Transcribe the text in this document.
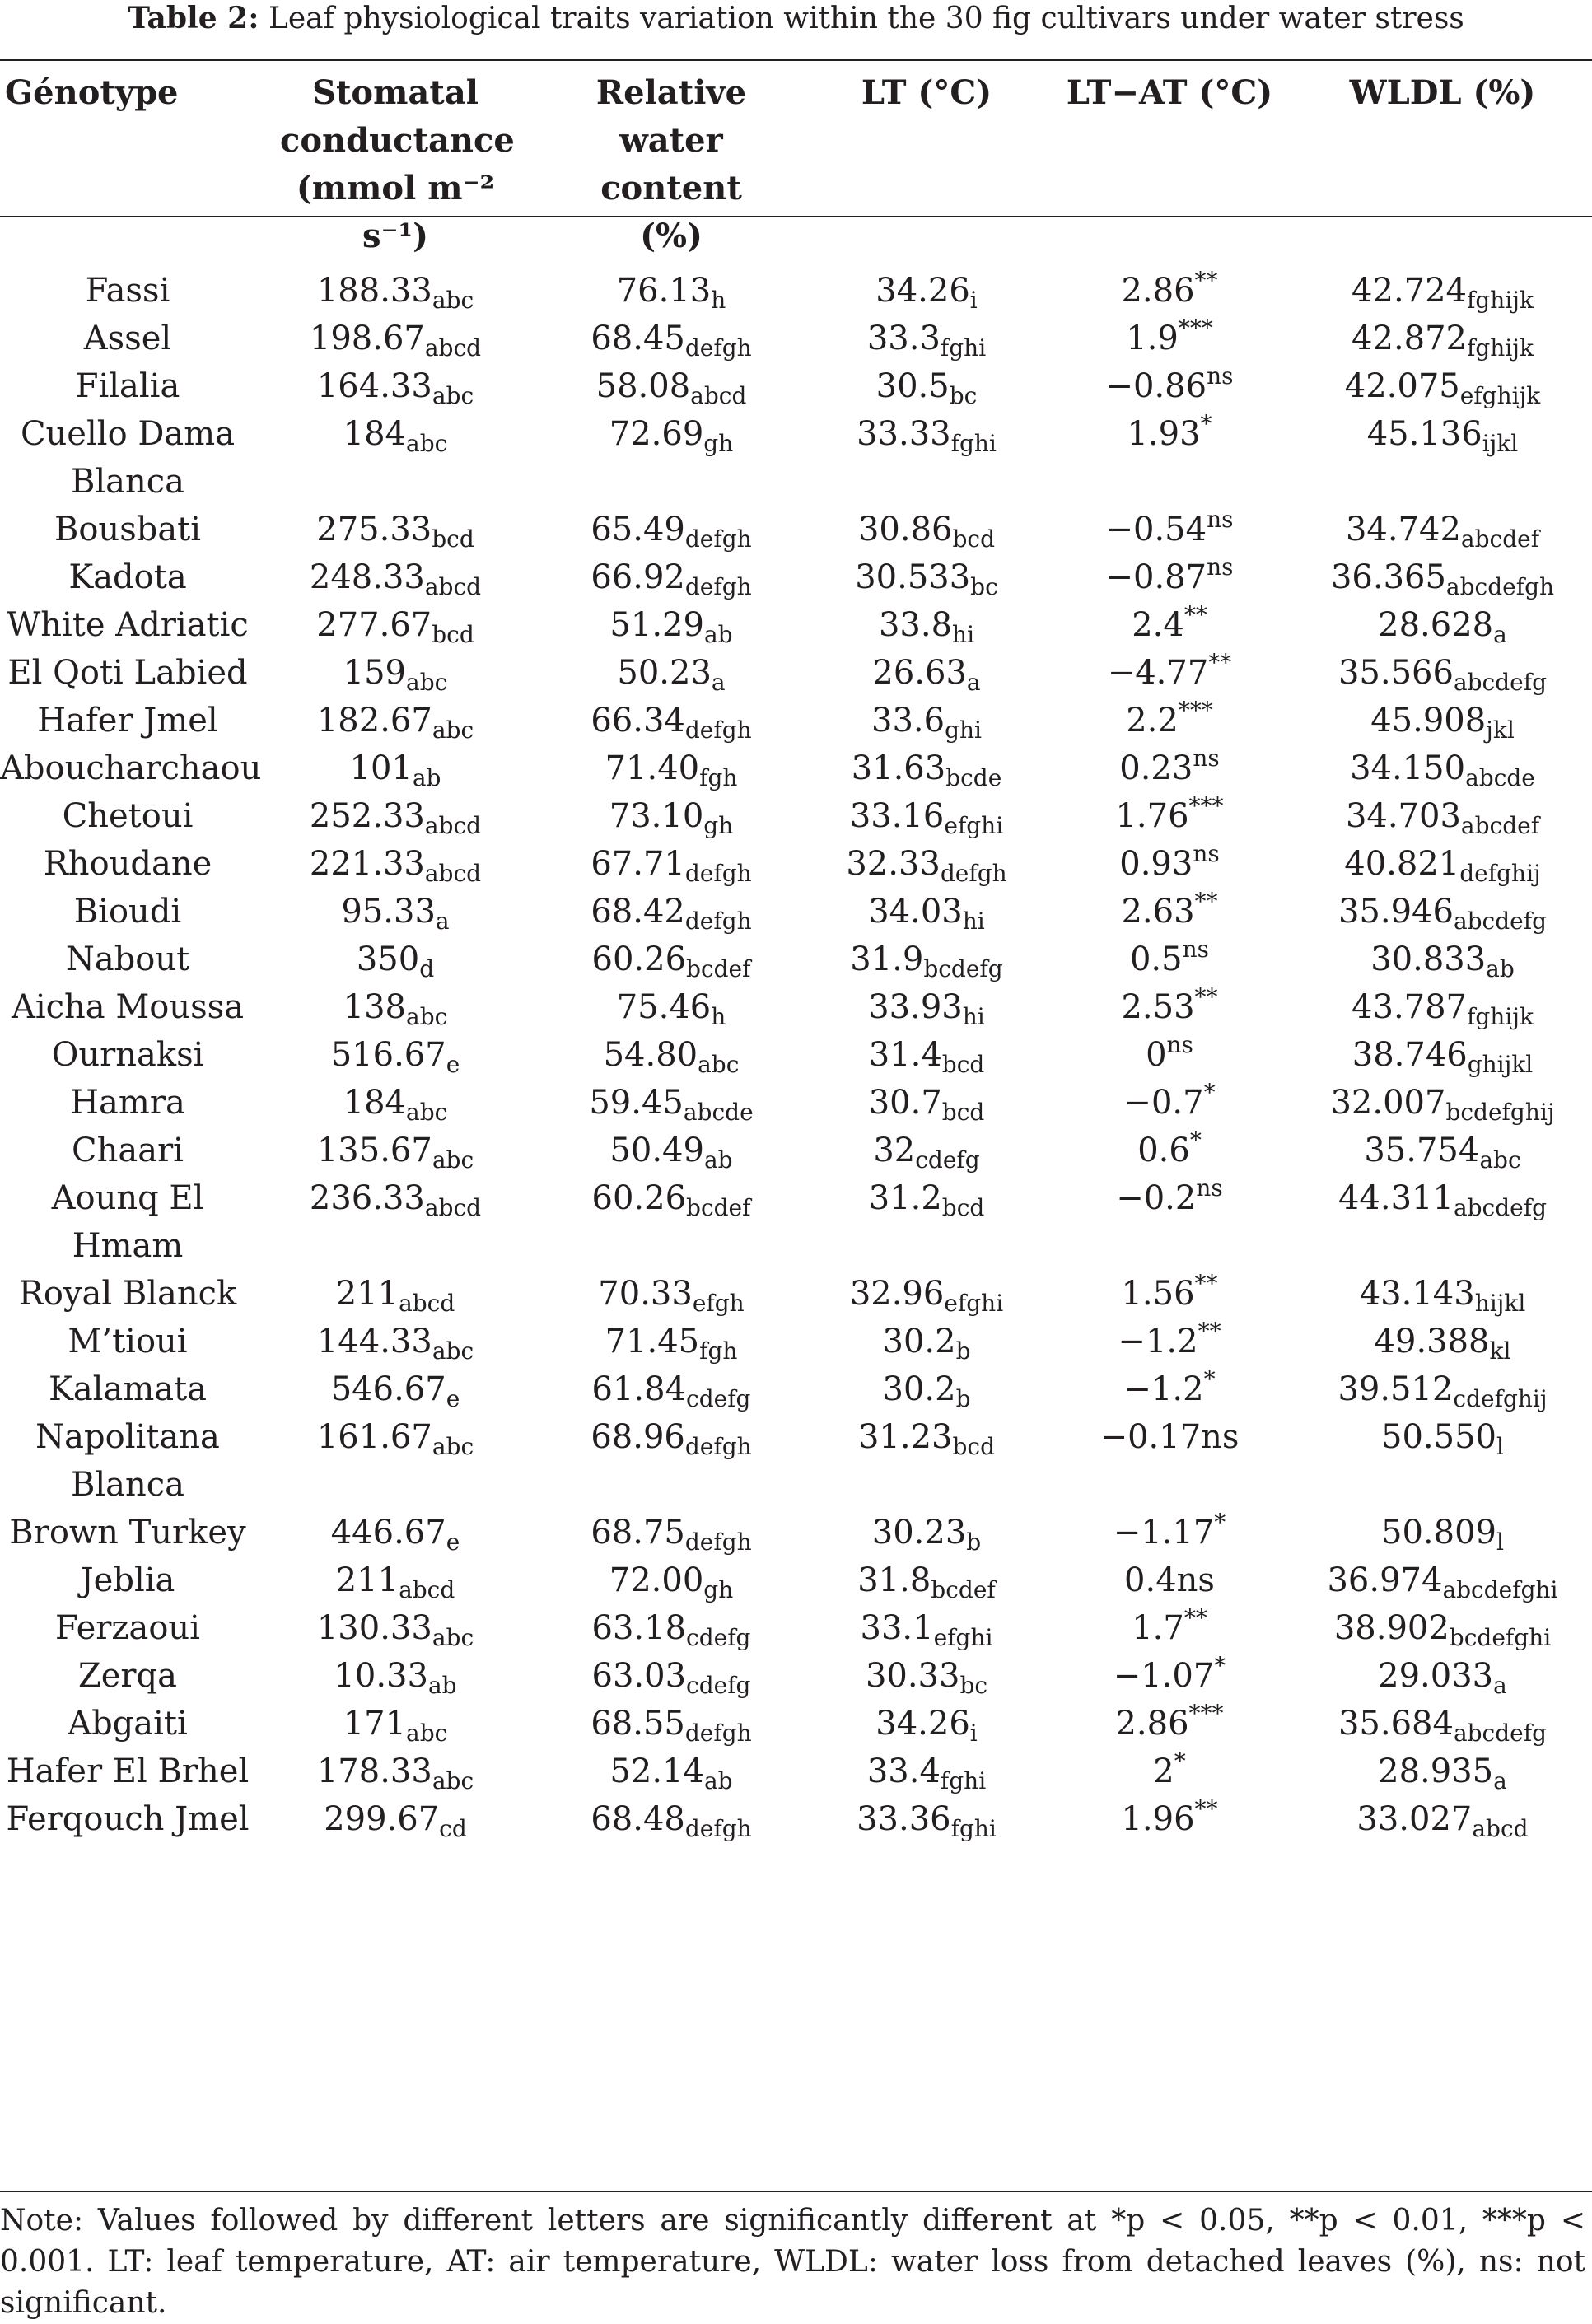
Table 2: Leaf physiological traits variation within the 30 fig cultivars under water stress
Génotype	Stomatal conductance (mmol m⁻² s⁻¹)	Relative water content (%)	LT (°C)	LT−AT (°C)	WLDL (%)
Fassi	$188.33_{abc}$	$76.13_h$	$34.26_i$	2.86**	$42.724_{fghijk}$
Assel	$198.67_{abcd}$	$68.45_{defgh}$	$33.3_{fghi}$	1.9***	$42.872_{fghijk}$
Filalia	$164.33_{abc}$	$58.08_{abcd}$	$30.5_{bc}$	$-0.86^{ns}$	$42.075_{efghijk}$
Cuello Dama Blanca	$184_{abc}$	$72.69_{gh}$	$33.33_{fghi}$	1.93*	$45.136_{ijkl}$
Bousbati	$275.33_{bcd}$	$65.49_{defgh}$	$30.86_{bcd}$	$-0.54^{ns}$	$34.742_{abcdef}$
Kadota	$248.33_{abcd}$	$66.92_{defgh}$	$30.533_{bc}$	$-0.87^{ns}$	$36.365_{abcdefgh}$
White Adriatic	$277.67_{bcd}$	$51.29_{ab}$	$33.8_{hi}$	2.4**	$28.628_a$
El Qoti Labied	$159_{abc}$	$50.23_a$	$26.63_a$	−4.77**	$35.566_{abcdefg}$
Hafer Jmel	$182.67_{abc}$	$66.34_{defgh}$	$33.6_{ghi}$	2.2***	$45.908_{jkl}$
Aboucharchaou	$101_{ab}$	$71.40_{fgh}$	$31.63_{bcde}$	$0.23^{ns}$	$34.150_{abcde}$
Chetoui	$252.33_{abcd}$	$73.10_{gh}$	$33.16_{efghi}$	1.76***	$34.703_{abcdef}$
Rhoudane	$221.33_{abcd}$	$67.71_{defgh}$	$32.33_{defgh}$	$0.93^{ns}$	$40.821_{defghij}$
Bioudi	$95.33_a$	$68.42_{defgh}$	$34.03_{hi}$	2.63**	$35.946_{abcdefg}$
Nabout	$350_d$	$60.26_{bcdef}$	$31.9_{bcdefg}$	$0.5^{ns}$	$30.833_{ab}$
Aicha Moussa	$138_{abc}$	$75.46_h$	$33.93_{hi}$	2.53**	$43.787_{fghijk}$
Ournaksi	$516.67_e$	$54.80_{abc}$	$31.4_{bcd}$	$0^{ns}$	$38.746_{ghijkl}$
Hamra	$184_{abc}$	$59.45_{abcde}$	$30.7_{bcd}$	−0.7*	$32.007_{bcdefghij}$
Chaari	$135.67_{abc}$	$50.49_{ab}$	$32_{cdefg}$	0.6*	$35.754_{abc}$
Aounq El Hmam	$236.33_{abcd}$	$60.26_{bcdef}$	$31.2_{bcd}$	$-0.2^{ns}$	$44.311_{abcdefg}$
Royal Blanck	$211_{abcd}$	$70.33_{efgh}$	$32.96_{efghi}$	1.56**	$43.143_{hijkl}$
M’tioui	$144.33_{abc}$	$71.45_{fgh}$	$30.2_b$	−1.2**	$49.388_{kl}$
Kalamata	$546.67_e$	$61.84_{cdefg}$	$30.2_b$	−1.2*	$39.512_{cdefghij}$
Napolitana Blanca	$161.67_{abc}$	$68.96_{defgh}$	$31.23_{bcd}$	−0.17ns	$50.550_l$
Brown Turkey	$446.67_e$	$68.75_{defgh}$	$30.23_b$	−1.17*	$50.809_l$
Jeblia	$211_{abcd}$	$72.00_{gh}$	$31.8_{bcdef}$	0.4ns	$36.974_{abcdefghi}$
Ferzaoui	$130.33_{abc}$	$63.18_{cdefg}$	$33.1_{efghi}$	1.7**	$38.902_{bcdefghi}$
Zerqa	$10.33_{ab}$	$63.03_{cdefg}$	$30.33_{bc}$	−1.07*	$29.033_a$
Abgaiti	$171_{abc}$	$68.55_{defgh}$	$34.26_i$	2.86***	$35.684_{abcdefg}$
Hafer El Brhel	$178.33_{abc}$	$52.14_{ab}$	$33.4_{fghi}$	2*	$28.935_a$
Ferqouch Jmel	$299.67_{cd}$	$68.48_{defgh}$	$33.36_{fghi}$	1.96**	$33.027_{abcd}$
Note: Values followed by different letters are significantly different at *p < 0.05, **p < 0.01, ***p < 0.001. LT: leaf temperature, AT: air temperature, WLDL: water loss from detached leaves (%), ns: not significant.
